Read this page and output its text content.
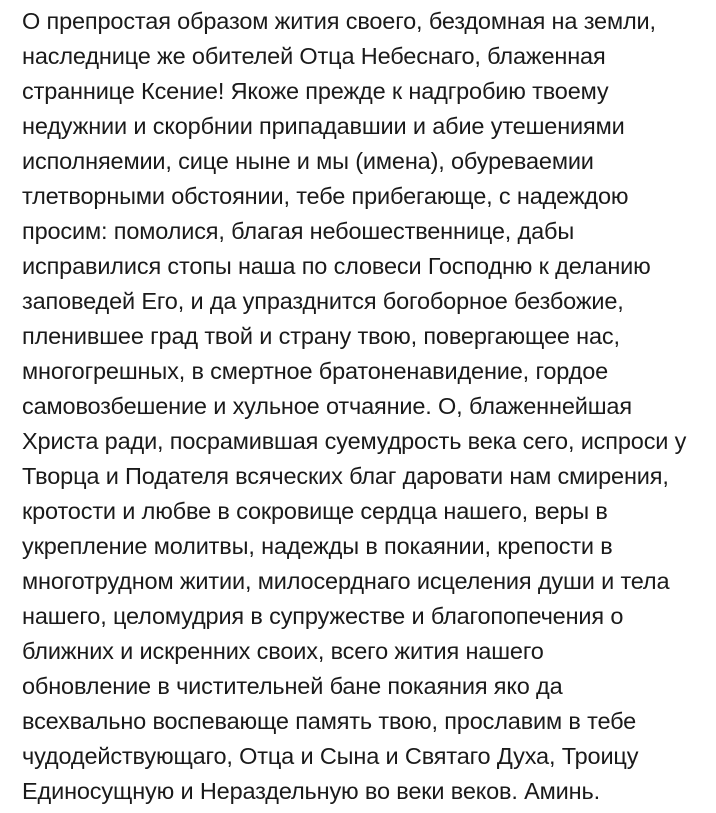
О препростая образом жития своего, бездомная на земли,
наследнице же обителей Отца Небеснаго, блаженная
страннице Ксение! Якоже прежде к надгробию твоему
недужнии и скорбнии припадавшии и абие утешениями
исполняемии, сице ныне и мы (имена), обуреваемии
тлетворными обстоянии, тебе прибегающе, с надеждою
просим: помолися, благая небошественнице, дабы
исправилися стопы наша по словеси Господню к деланию
заповедей Его, и да упразднится богоборное безбожие,
пленившее град твой и страну твою, повергающее нас,
многогрешных, в смертное братоненавидение, гордое
самовозбешение и хульное отчаяние. О, блаженнейшая
Христа ради, посрамившая суемудрость века сего, испроси у
Творца и Подателя всяческих благ даровати нам смирения,
кротости и любве в сокровище сердца нашего, веры в
укрепление молитвы, надежды в покаянии, крепости в
многотрудном житии, милосерднаго исцеления души и тела
нашего, целомудрия в супружестве и благопопечения о
ближних и искренних своих, всего жития нашего
обновление в чистительней бане покаяния яко да
всехвально воспевающе память твою, прославим в тебе
чудодействующаго, Отца и Сына и Святаго Духа, Троицу
Единосущную и Нераздельную во веки веков. Аминь.
